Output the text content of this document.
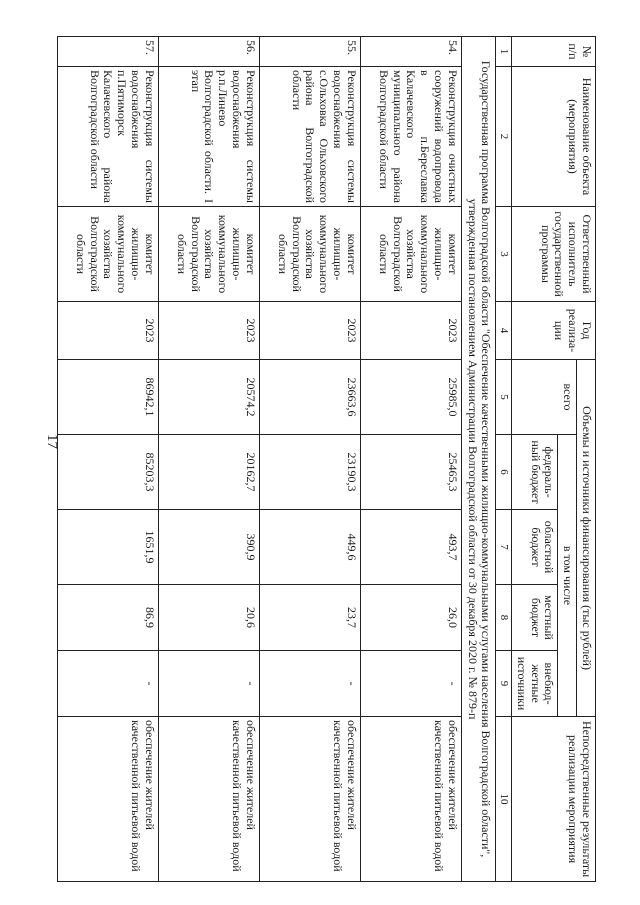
17
№ п/п	Наименование объекта (мероприятия)	Ответственный исполнитель государственной программы	Год реализа-ции	Объемы и источники финансирования (тыс рублей)					Непосредственные результаты реализации мероприятия
				всего	в том числе				
					федераль-ный бюджет	областной бюджет	местный бюджет	внебюд-жетные источники	
1	2	3	4	5	6	7	8	9	10
Государственная программа Волгоградской области "Обеспечение качественными жилищно-коммунальными услугами населения Волгоградской области", утвержденная постановлением Администрации Волгоградской области от 30 декабря 2020 г. № 879-п									
54.	Реконструкция очистных сооружений водопровода в п.Береславка Калачевского муниципального района Волгоградской области	комитет жилищно-коммунального хозяйства Волгоградской области	2023	25985,0	25465,3	493,7	26,0	-	обеспечение жителей качественной питьевой водой
55.	Реконструкция системы водоснабжения с.Ольховка Ольховского района Волгоградской области	комитет жилищно-коммунального хозяйства Волгоградской области	2023	23663,6	23190,3	449,6	23,7	-	обеспечение жителей качественной питьевой водой
56.	Реконструкция системы водоснабжения р.п.Линево Волгоградской области. I этап	комитет жилищно-коммунального хозяйства Волгоградской области	2023	20574,2	20162,7	390,9	20,6	-	обеспечение жителей качественной питьевой водой
57.	Реконструкция системы водоснабжения п.Пятиморск Калачевского района Волгоградской области	комитет жилищно-коммунального хозяйства Волгоградской области	2023	86942,1	85203,3	1651,9	86,9	-	обеспечение жителей качественной питьевой водой
